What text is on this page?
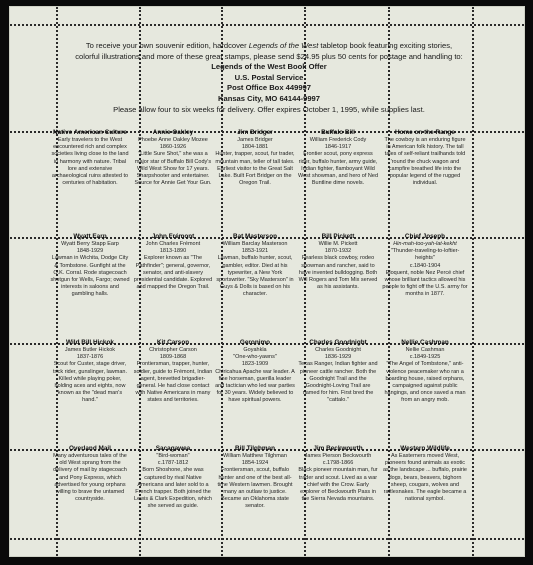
To receive your own souvenir edition, hardcover Legends of the West tabletop book featuring exciting stories,
colorful illustrations and more of these great stamps, please send $24.95 plus 50 cents for postage and handling to:
Legends of the West Book Offer
U.S. Postal Service
Post Office Box 449997
Kansas City, MO 64144-9997
Please allow four to six weeks for delivery. Offer expires October 1, 1995, while supplies last.
Native American Culture
Early travelers to the West encountered rich and complex societies living close to the land in harmony with nature. Tribal lore and extensive archaeological ruins attested to centuries of habitation.
Annie Oakley
Phoebe Anne Oakley Mozee
1860-1926
"Little Sure Shot," she was a major star of Buffalo Bill Cody's Wild West Show for 17 years. Sharpshooter and entertainer. Source for Annie Get Your Gun.
Jim Bridger
James Bridger
1804-1881
Hunter, trapper, scout, fur trader, mountain man, teller of tall tales. Earliest visitor to the Great Salt Lake. Built Fort Bridger on the Oregon Trail.
Buffalo Bill
William Frederick Cody
1846-1917
Frontier scout, pony express rider, buffalo hunter, army guide, Indian fighter, flamboyant Wild West showman, and hero of Ned Buntline dime novels.
Home on the Range
The cowboy is an enduring figure in American folk history. The tall tales of self-reliant trailhands told 'round the chuck wagon and campfire breathed life into the popular legend of the rugged individual.
Wyatt Earp
Wyatt Berry Stapp Earp
1848-1929
Lawman in Wichita, Dodge City & Tombstone. Gunfight at the O.K. Corral. Rode stagecoach shotgun for Wells, Fargo; owned interests in saloons and gambling halls.
John Frémont
John Charles Frémont
1813-1890
Explorer known as "The Pathfinder"; general, governor, senator, and anti-slavery presidential candidate. Explored and mapped the Oregon Trail.
Bat Masterson
William Barclay Masterson
1853-1921
Lawman, buffalo hunter, scout, gambler, editor. Died at his typewriter, a New York sportswriter. "Sky Masterson" in Guys & Dolls is based on his character.
Bill Pickett
Willie M. Pickett
1870-1932
Fearless black cowboy, rodeo showman and rancher, said to have invented bulldogging. Both Will Rogers and Tom Mix served as his assistants.
Chief Joseph
Hin-mah-too-yah-lat-kekht
"Thunder-traveling-to-loftier-heights"
c.1840-1904
Eloquent, noble Nez Percé chief whose brilliant tactics allowed his people to fight off the U.S. army for months in 1877.
Wild Bill Hickok
James Butler Hickok
1837-1876
Scout for Custer, stage driver, trick rider, gunslinger, lawman. Killed while playing poker, holding aces and eights, now known as the "dead man's hand."
Kit Carson
Christopher Carson
1809-1868
Frontiersman, trapper, hunter, soldier, guide to Frémont, Indian agent, brevetted brigadier-general. He had close contact with Native Americans in many states and territories.
Geronimo
Goyahkla
"One-who-yawns"
1823-1909
Chiricahua Apache war leader. A fine horseman, guerilla leader and tactician who led war parties for 30 years. Widely believed to have spiritual powers.
Charles Goodnight
Charles Goodnight
1836-1929
Texas Ranger, Indian fighter and pioneer cattle rancher. Both the Goodnight Trail and the Goodnight-Loving Trail are named for him. First bred the "cattalo."
Nellie Cashman
Nellie Cashman
c.1849-1925
"The Angel of Tombstone," anti-violence peacemaker who ran a boarding house, raised orphans, campaigned against public hangings, and once saved a man from an angry mob.
Overland Mail
Many adventurous tales of the old West sprang from the delivery of mail by stagecoach and Pony Express, which advertised for young orphans willing to brave the untamed countryside.
Sacagawea
"Bird-woman"
c.1787-1812
Born Shoshone, she was captured by rival Native Americans and later sold to a French trapper. Both joined the Lewis & Clark Expedition, which she served as guide.
Bill Tilghman
William Matthew Tilghman
1854-1924
Frontiersman, scout, buffalo hunter and one of the best all-time Western lawmen. Brought many an outlaw to justice. Became an Oklahoma state senator.
Jim Beckwourth
James Pierson Beckwourth
c.1798-1866
Black pioneer mountain man, fur trader and scout. Lived as a war chief with the Crow. Early explorer of Beckwourth Pass in the Sierra Nevada mountains.
Western Wildlife
As Easterners moved West, pioneers found animals as exotic as the landscape ... buffalo, prairie dogs, bears, beavers, bighorn sheep, cougars, wolves and rattlesnakes. The eagle became a national symbol.
